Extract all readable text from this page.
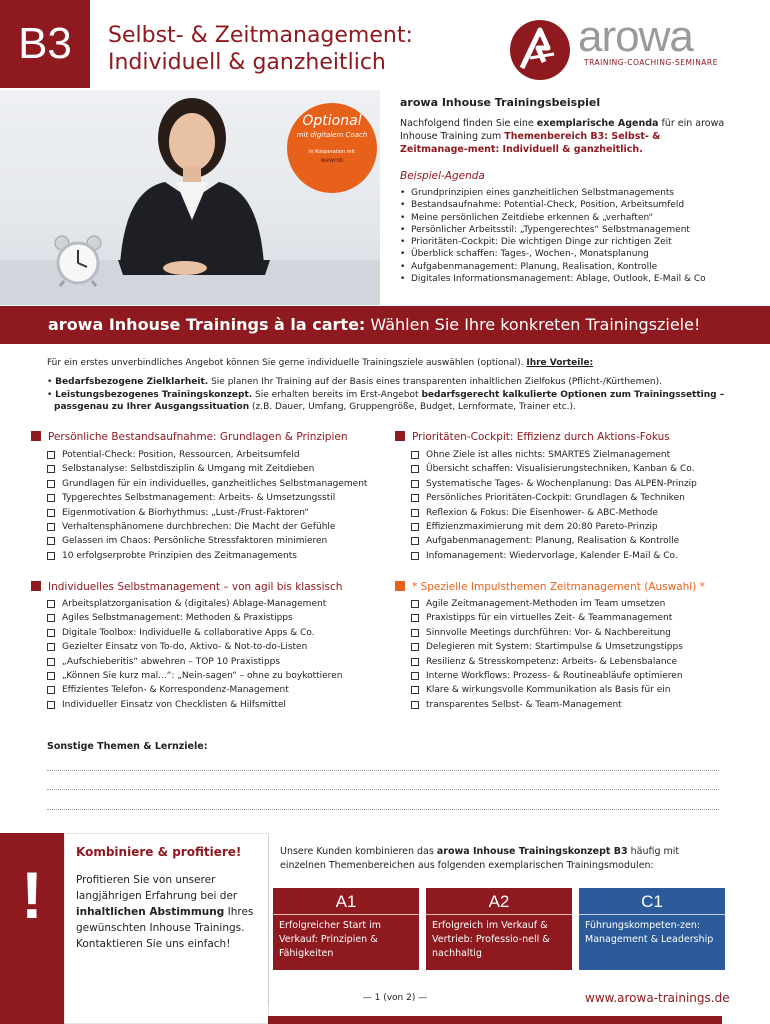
B3 Selbst- & Zeitmanagement:
Individuell & ganzheitlich
arowa
TRAINING-COACHING-SEMINARE
Optional
mit digitalem Coach
in Kooperation mit
wewrok
arowa Inhouse Trainingsbeispiel
Nachfolgend finden Sie eine exemplarische Agenda für ein arowa Inhouse Training zum Themenbereich B3: Selbst- & Zeitmanage-ment: Individuell & ganzheitlich.
Beispiel-Agenda
• Grundprinzipien eines ganzheitlichen Selbstmanagements
• Bestandsaufnahme: Potential-Check, Position, Arbeitsumfeld
• Meine persönlichen Zeitdiebe erkennen & „verhaften“
• Persönlicher Arbeitsstil: „Typengerechtes“ Selbstmanagement
• Prioritäten-Cockpit: Die wichtigen Dinge zur richtigen Zeit
• Überblick schaffen: Tages-, Wochen-, Monatsplanung
• Aufgabenmanagement: Planung, Realisation, Kontrolle
• Digitales Informationsmanagement: Ablage, Outlook, E-Mail & Co
arowa Inhouse Trainings à la carte: Wählen Sie Ihre konkreten Trainingsziele!
Für ein erstes unverbindliches Angebot können Sie gerne individuelle Trainingsziele auswählen (optional). Ihre Vorteile:
• Bedarfsbezogene Zielklarheit. Sie planen Ihr Training auf der Basis eines transparenten inhaltlichen Zielfokus (Pflicht-/Kürthemen).
• Leistungsbezogenes Trainingskonzept. Sie erhalten bereits im Erst-Angebot bedarfsgerecht kalkulierte Optionen zum Trainingssetting – passgenau zu Ihrer Ausgangssituation (z.B. Dauer, Umfang, Gruppengröße, Budget, Lernformate, Trainer etc.).
Persönliche Bestandsaufnahme: Grundlagen & Prinzipien
Potential-Check: Position, Ressourcen, Arbeitsumfeld
Selbstanalyse: Selbstdisziplin & Umgang mit Zeitdieben
Grundlagen für ein individuelles, ganzheitliches Selbstmanagement
Typgerechtes Selbstmanagement: Arbeits- & Umsetzungsstil
Eigenmotivation & Biorhythmus: „Lust-/Frust-Faktoren“
Verhaltensphänomene durchbrechen: Die Macht der Gefühle
Gelassen im Chaos: Persönliche Stressfaktoren minimieren
10 erfolgserprobte Prinzipien des Zeitmanagements
Prioritäten-Cockpit: Effizienz durch Aktions-Fokus
Ohne Ziele ist alles nichts: SMARTES Zielmanagement
Übersicht schaffen: Visualisierungstechniken, Kanban & Co.
Systematische Tages- & Wochenplanung: Das ALPEN-Prinzip
Persönliches Prioritäten-Cockpit: Grundlagen & Techniken
Reflexion & Fokus: Die Eisenhower- & ABC-Methode
Effizienzmaximierung mit dem 20:80 Pareto-Prinzip
Aufgabenmanagement: Planung, Realisation & Kontrolle
Infomanagement: Wiedervorlage, Kalender E-Mail & Co.
Individuelles Selbstmanagement – von agil bis klassisch
Arbeitsplatzorganisation & (digitales) Ablage-Management
Agiles Selbstmanagement: Methoden & Praxistipps
Digitale Toolbox: Individuelle & collaborative Apps & Co.
Gezielter Einsatz von To-do, Aktivo- & Not-to-do-Listen
„Aufschieberitis“ abwehren – TOP 10 Praxistipps
„Können Sie kurz mal...“: „Nein-sagen“ – ohne zu boykottieren
Effizientes Telefon- & Korrespondenz-Management
Individueller Einsatz von Checklisten & Hilfsmittel
* Spezielle Impulsthemen Zeitmanagement (Auswahl) *
Agile Zeitmanagement-Methoden im Team umsetzen
Praxistipps für ein virtuelles Zeit- & Teammanagement
Sinnvolle Meetings durchführen: Vor- & Nachbereitung
Delegieren mit System: Startimpulse & Umsetzungstipps
Resilienz & Stresskompetenz: Arbeits- & Lebensbalance
Interne Workflows: Prozess- & Routineabläufe optimieren
Klare & wirkungsvolle Kommunikation als Basis für ein
transparentes Selbst- & Team-Management
Sonstige Themen & Lernziele:
!
Kombiniere & profitiere!
Profitieren Sie von unserer langjährigen Erfahrung bei der inhaltlichen Abstimmung Ihres gewünschten Inhouse Trainings. Kontaktieren Sie uns einfach!
Unsere Kunden kombinieren das arowa Inhouse Trainingskonzept B3 häufig mit einzelnen Themenbereichen aus folgenden exemplarischen Trainingsmodulen:
A1
Erfolgreicher Start im Verkauf: Prinzipien & Fähigkeiten
A2
Erfolgreich im Verkauf & Vertrieb: Professio-nell & nachhaltig
C1
Führungskompeten-zen: Management & Leadership
— 1 (von 2) —	www.arowa-trainings.de
